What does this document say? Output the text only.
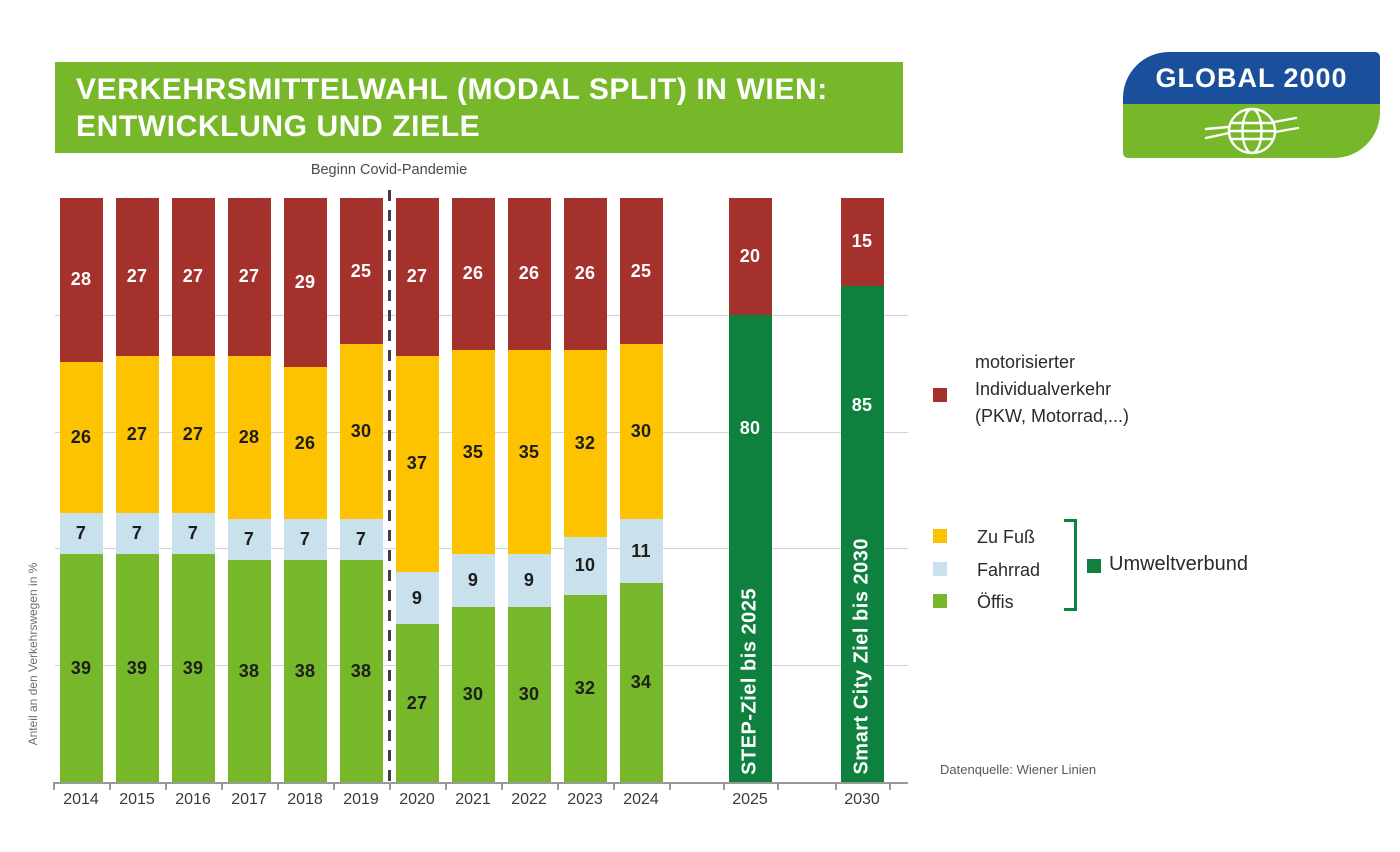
VERKEHRSMITTELWAHL (MODAL SPLIT) IN WIEN:
ENTWICKLUNG UND ZIELE
GLOBAL 2000
Anteil an den Verkehrswegen in %
Beginn Covid-Pandemie
39
7
26
28
2014
39
7
27
27
2015
39
7
27
27
2016
38
7
28
27
2017
38
7
26
29
2018
38
7
30
25
2019
27
9
37
27
2020
30
9
35
26
2021
30
9
35
26
2022
32
10
32
26
2023
34
11
30
25
2024
STEP-Ziel bis 2025
80
20
2025
Smart City Ziel bis 2030
85
15
2030
motorisierter
Individualverkehr
(PKW, Motorrad,...)
Zu Fuß
Fahrrad
Öffis
Umweltverbund
Datenquelle: Wiener Linien
